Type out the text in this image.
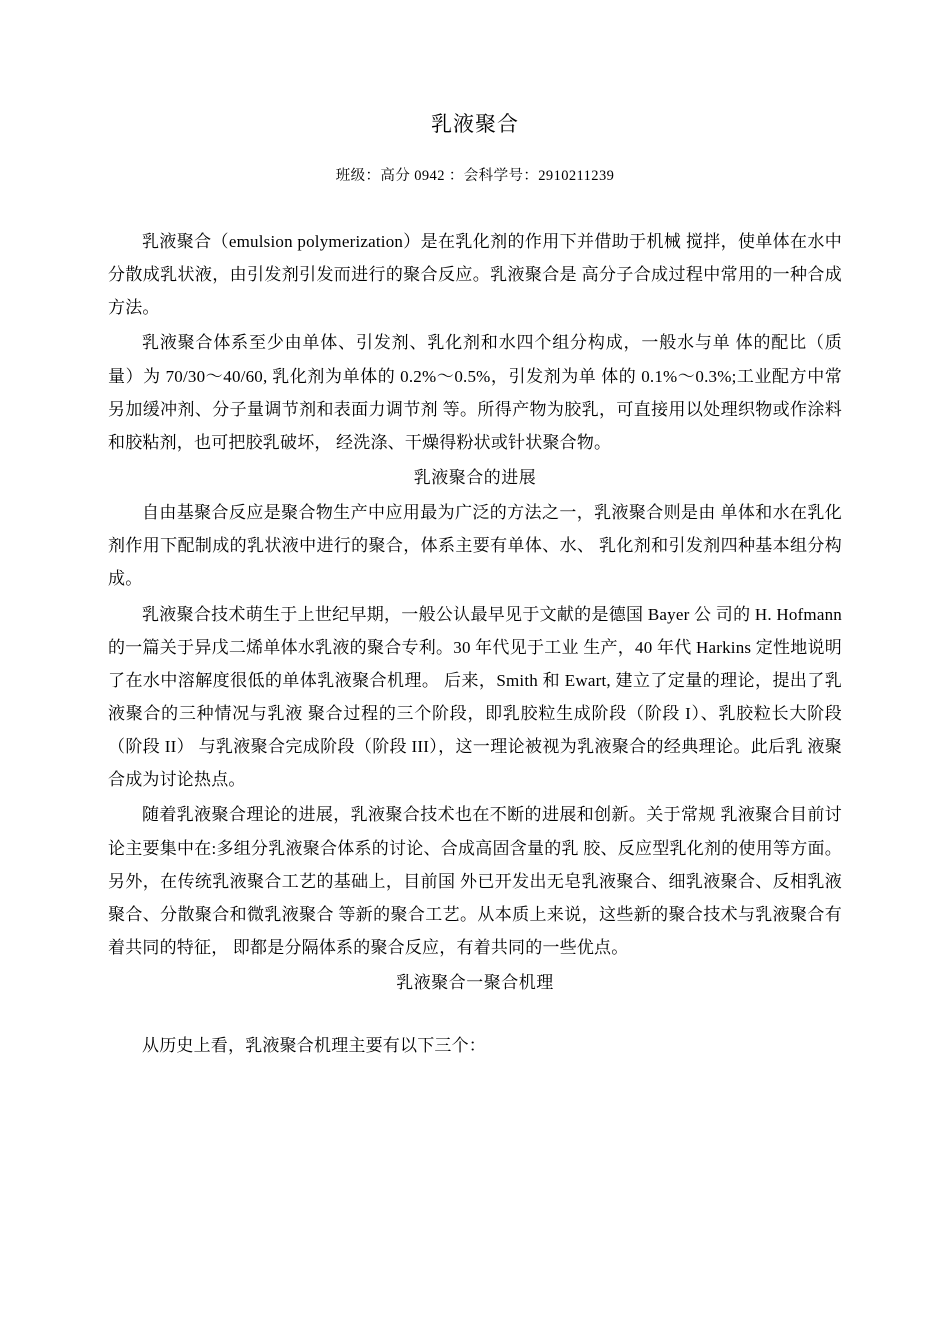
乳液聚合
班级：高分 0942 ：会科学号：2910211239

乳液聚合（emulsion polymerization）是在乳化剂的作用下并借助于机械 搅拌，使单体在水中分散成乳状液，由引发剂引发而进行的聚合反应。乳液聚合是 高分子合成过程中常用的一种合成方法。

乳液聚合体系至少由单体、引发剂、乳化剂和水四个组分构成，一般水与单 体的配比（质量）为 70/30〜40/60, 乳化剂为单体的 0.2%〜0.5%，引发剂为单 体的 0.1%〜0.3%;工业配方中常另加缓冲剂、分子量调节剂和表面力调节剂 等。所得产物为胶乳，可直接用以处理织物或作涂料和胶粘剂，也可把胶乳破坏， 经洗涤、干燥得粉状或针状聚合物。

乳液聚合的进展

自由基聚合反应是聚合物生产中应用最为广泛的方法之一，乳液聚合则是由 单体和水在乳化剂作用下配制成的乳状液中进行的聚合，体系主要有单体、水、 乳化剂和引发剂四种基本组分构成。

乳液聚合技术萌生于上世纪早期，一般公认最早见于文献的是德国 Bayer 公 司的 H. Hofmann 的一篇关于异戊二烯单体水乳液的聚合专利。30 年代见于工业 生产，40 年代 Harkins 定性地说明了在水中溶解度很低的单体乳液聚合机理。 后来，Smith 和 Ewart, 建立了定量的理论，提出了乳液聚合的三种情况与乳液 聚合过程的三个阶段，即乳胶粒生成阶段（阶段 I）、乳胶粒长大阶段（阶段 II） 与乳液聚合完成阶段（阶段 III），这一理论被视为乳液聚合的经典理论。此后乳 液聚合成为讨论热点。

随着乳液聚合理论的进展，乳液聚合技术也在不断的进展和创新。关于常规 乳液聚合目前讨论主要集中在:多组分乳液聚合体系的讨论、合成高固含量的乳 胶、反应型乳化剂的使用等方面。另外，在传统乳液聚合工艺的基础上，目前国 外已开发出无皂乳液聚合、细乳液聚合、反相乳液聚合、分散聚合和微乳液聚合 等新的聚合工艺。从本质上来说，这些新的聚合技术与乳液聚合有着共同的特征， 即都是分隔体系的聚合反应，有着共同的一些优点。

乳液聚合一聚合机理

从历史上看，乳液聚合机理主要有以下三个：
